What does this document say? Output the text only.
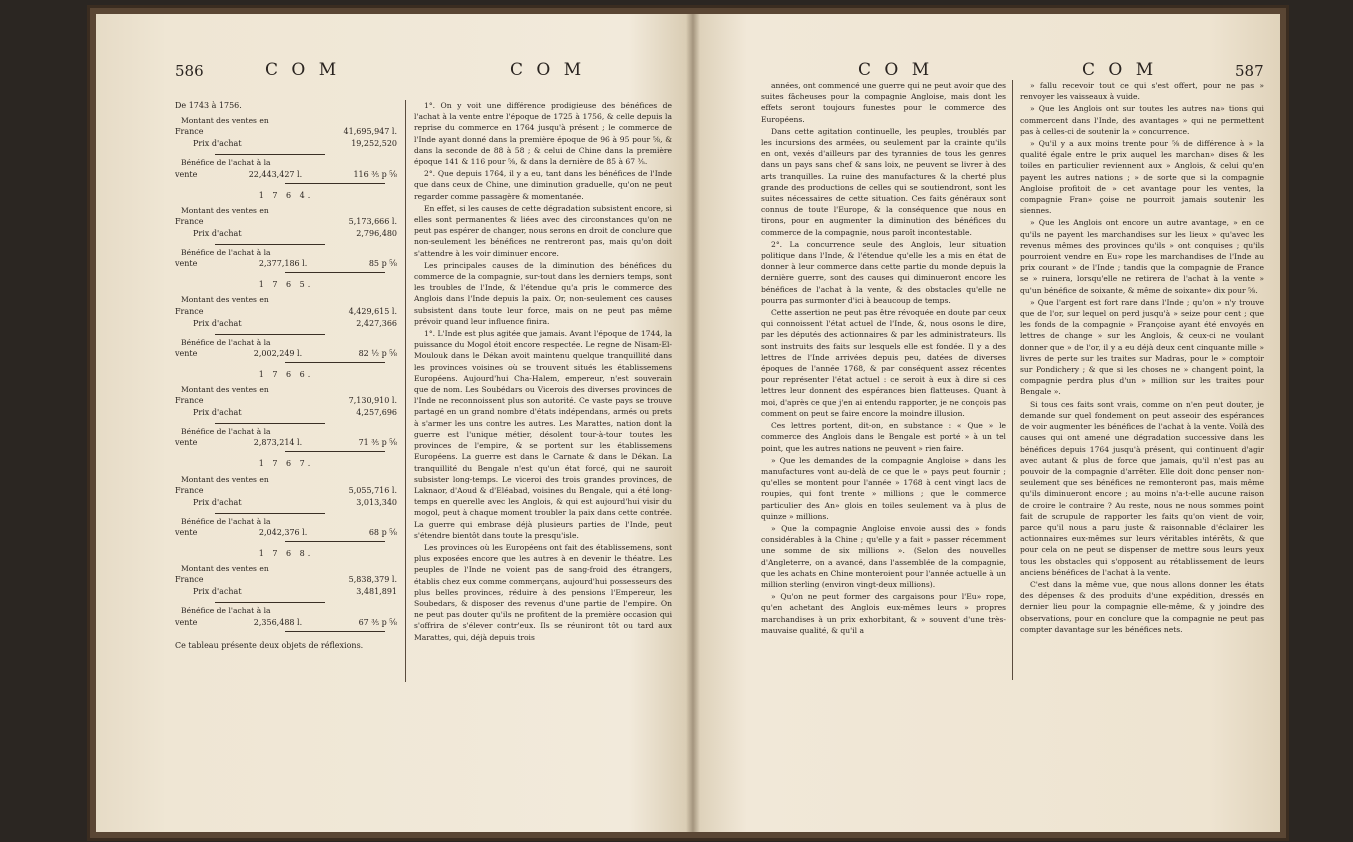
586	C O M	C O M
De 1743 à 1756.
Montant des ventes en
France	41,695,947 l.
Prix d'achat	19,252,520
Bénéfice de l'achat à la
vente	22,443,427 l.	116 ⅗ p ⅝
1 7 6 4.
Montant des ventes en
France	5,173,666 l.
Prix d'achat	2,796,480
Bénéfice de l'achat à la
vente	2,377,186 l.	85 p ⅝
1 7 6 5.
Montant des ventes en
France	4,429,615 l.
Prix d'achat	2,427,366
Bénéfice de l'achat à la
vente	2,002,249 l.	82 ½ p ⅝
1 7 6 6.
Montant des ventes en
France	7,130,910 l.
Prix d'achat	4,257,696
Bénéfice de l'achat à la
vente	2,873,214 l.	71 ⅗ p ⅝
1 7 6 7.
Montant des ventes en
France	5,055,716 l.
Prix d'achat	3,013,340
Bénéfice de l'achat à la
vente	2,042,376 l.	68 p ⅝
1 7 6 8.
Montant des ventes en
France	5,838,379 l.
Prix d'achat	3,481,891
Bénéfice de l'achat à la
vente	2,356,488 l.	67 ⅗ p ⅝
Ce tableau présente deux objets de réflexions.

1°. On y voit une différence prodigieuse des bénéfices de l'achat à la vente entre l'époque de 1725 à 1756, & celle depuis la reprise du commerce en 1764 jusqu'à présent ; le commerce de l'Inde ayant donné dans la première époque de 96 à 95 pour ⅝, & dans la seconde de 88 à 58 ; & celui de Chine dans la première époque 141 & 116 pour ⅝, & dans la dernière de 85 à 67 ⅗.

2°. Que depuis 1764, il y a eu, tant dans les bénéfices de l'Inde que dans ceux de Chine, une diminution graduelle, qu'on ne peut regarder comme passagère & momentanée.

En effet, si les causes de cette dégradation subsistent encore, si elles sont permanentes & liées avec des circonstances qu'on ne peut pas espérer de changer, nous serons en droit de conclure que non-seulement les bénéfices ne rentreront pas, mais qu'on doit s'attendre à les voir diminuer encore.

Les principales causes de la diminution des bénéfices du commerce de la compagnie, sur-tout dans les derniers temps, sont les troubles de l'Inde, & l'étendue qu'a pris le commerce des Anglois dans l'Inde depuis la paix. Or, non-seulement ces causes subsistent dans toute leur force, mais on ne peut pas même prévoir quand leur influence finira.

1°. L'Inde est plus agitée que jamais. Avant l'époque de 1744, la puissance du Mogol étoit encore respectée. Le regne de Nisam-El-Moulouk dans le Dékan avoit maintenu quelque tranquillité dans les provinces voisines où se trouvent situés les établissemens Européens. Aujourd'hui Cha-Halem, empereur, n'est souverain que de nom. Les Soubédars ou Vicerois des diverses provinces de l'Inde ne reconnoissent plus son autorité. Ce vaste pays se trouve partagé en un grand nombre d'états indépendans, armés ou prets à s'armer les uns contre les autres. Les Marattes, nation dont la guerre est l'unique métier, désolent tour-à-tour toutes les provinces de l'empire, & se portent sur les établissemens Européens. La guerre est dans le Carnate & dans le Dékan. La tranquillité du Bengale n'est qu'un état forcé, qui ne sauroit subsister long-temps. Le viceroi des trois grandes provinces, de Laknaor, d'Aoud & d'Eléabad, voisines du Bengale, qui a été long-temps en querelle avec les Anglois, & qui est aujourd'hui visir du mogol, peut à chaque moment troubler la paix dans cette contrée. La guerre qui embrase déjà plusieurs parties de l'Inde, peut s'étendre bientôt dans toute la presqu'isle.

Les provinces où les Européens ont fait des établissemens, sont plus exposées encore que les autres à en devenir le théatre. Les peuples de l'Inde ne voient pas de sang-froid des étrangers, établis chez eux comme commerçans, aujourd'hui possesseurs des plus belles provinces, réduire à des pensions l'Empereur, les Soubedars, & disposer des revenus d'une partie de l'empire. On ne peut pas douter qu'ils ne profitent de la première occasion qui s'offrira de s'élever contr'eux. Ils se réuniront tôt ou tard aux Marattes, qui, déjà depuis trois

C O M	C O M	587

années, ont commencé une guerre qui ne peut avoir que des suites fâcheuses pour la compagnie Angloise, mais dont les effets seront toujours funestes pour le commerce des Européens.

Dans cette agitation continuelle, les peuples, troublés par les incursions des armées, ou seulement par la crainte qu'ils en ont, vexés d'ailleurs par des tyrannies de tous les genres dans un pays sans chef & sans loix, ne peuvent se livrer à des arts tranquilles. La ruine des manufactures & la cherté plus grande des productions de celles qui se soutiendront, sont les suites nécessaires de cette situation. Ces faits généraux sont connus de toute l'Europe, & la conséquence que nous en tirons, pour en augmenter la diminution des bénéfices du commerce de la compagnie, nous paroît incontestable.

2°. La concurrence seule des Anglois, leur situation politique dans l'Inde, & l'étendue qu'elle les a mis en état de donner à leur commerce dans cette partie du monde depuis la dernière guerre, sont des causes qui diminueront encore les bénéfices de l'achat à la vente, & des obstacles qu'elle ne pourra pas surmonter d'ici à beaucoup de temps.

Cette assertion ne peut pas être révoquée en doute par ceux qui connoissent l'état actuel de l'Inde, &, nous osons le dire, par les députés des actionnaires & par les administrateurs. Ils sont instruits des faits sur lesquels elle est fondée. Il y a des lettres de l'Inde arrivées depuis peu, datées de diverses époques de l'année 1768, & par conséquent assez récentes pour représenter l'état actuel : ce seroit à eux à dire si ces lettres leur donnent des espérances bien flatteuses. Quant à moi, d'après ce que j'en ai entendu rapporter, je ne conçois pas comment on peut se faire encore la moindre illusion.

Ces lettres portent, dit-on, en substance : « Que » le commerce des Anglois dans le Bengale est porté » à un tel point, que les autres nations ne peuvent » rien faire.

» Que les demandes de la compagnie Angloise » dans les manufactures vont au-delà de ce que le » pays peut fournir ; qu'elles se montent pour l'année » 1768 à cent vingt lacs de roupies, qui font trente » millions ; que le commerce particulier des An» glois en toiles seulement va à plus de quinze » millions.

» Que la compagnie Angloise envoie aussi des » fonds considérables à la Chine ; qu'elle y a fait » passer récemment une somme de six millions ». (Selon des nouvelles d'Angleterre, on a avancé, dans l'assemblée de la compagnie, que les achats en Chine monteroient pour l'année actuelle à un million sterling (environ vingt-deux millions).

» Qu'on ne peut former des cargaisons pour l'Eu» rope, qu'en achetant des Anglois eux-mêmes leurs » propres marchandises à un prix exhorbitant, & » souvent d'une très-mauvaise qualité, & qu'il a

» fallu recevoir tout ce qui s'est offert, pour ne pas » renvoyer les vaisseaux à vuide.

» Que les Anglois ont sur toutes les autres na» tions qui commercent dans l'Inde, des avantages » qui ne permettent pas à celles-ci de soutenir la » concurrence.

» Qu'il y a aux moins trente pour ⅝ de différence à » la qualité égale entre le prix auquel les marchan» dises & les toiles en particulier reviennent aux » Anglois, & celui qu'en payent les autres nations ; » de sorte que si la compagnie Angloise profitoit de » cet avantage pour les ventes, la compagnie Fran» çoise ne pourroit jamais soutenir les siennes.

» Que les Anglois ont encore un autre avantage, » en ce qu'ils ne payent les marchandises sur les lieux » qu'avec les revenus mêmes des provinces qu'ils » ont conquises ; qu'ils pourroient vendre en Eu» rope les marchandises de l'Inde au prix courant » de l'Inde ; tandis que la compagnie de France se » ruinera, lorsqu'elle ne retirera de l'achat à la vente » qu'un bénéfice de soixante, & même de soixante» dix pour ⅝.

» Que l'argent est fort rare dans l'Inde ; qu'on » n'y trouve que de l'or, sur lequel on perd jusqu'à » seize pour cent ; que les fonds de la compagnie » Françoise ayant été envoyés en lettres de change » sur les Anglois, & ceux-ci ne voulant donner que » de l'or, il y a eu déjà deux cent cinquante mille » livres de perte sur les traites sur Madras, pour le » comptoir sur Pondichery ; & que si les choses ne » changent point, la compagnie perdra plus d'un » million sur les traites pour Bengale ».

Si tous ces faits sont vrais, comme on n'en peut douter, je demande sur quel fondement on peut asseoir des espérances de voir augmenter les bénéfices de l'achat à la vente. Voilà des causes qui ont amené une dégradation successive dans les bénéfices depuis 1764 jusqu'à présent, qui continuent d'agir avec autant & plus de force que jamais, qu'il n'est pas au pouvoir de la compagnie d'arrêter. Elle doit donc penser non-seulement que ses bénéfices ne remonteront pas, mais même qu'ils diminueront encore ; au moins n'a-t-elle aucune raison de croire le contraire ? Au reste, nous ne nous sommes point fait de scrupule de rapporter les faits qu'on vient de voir, parce qu'il nous a paru juste & raisonnable d'éclairer les actionnaires eux-mêmes sur leurs véritables intérêts, & que pour cela on ne peut se dispenser de mettre sous leurs yeux tous les obstacles qui s'opposent au rétablissement de leurs anciens bénéfices de l'achat à la vente.

C'est dans la même vue, que nous allons donner les états des dépenses & des produits d'une expédition, dressés en dernier lieu pour la compagnie elle-même, & y joindre des observations, pour en conclure que la compagnie ne peut pas compter davantage sur les bénéfices nets.
